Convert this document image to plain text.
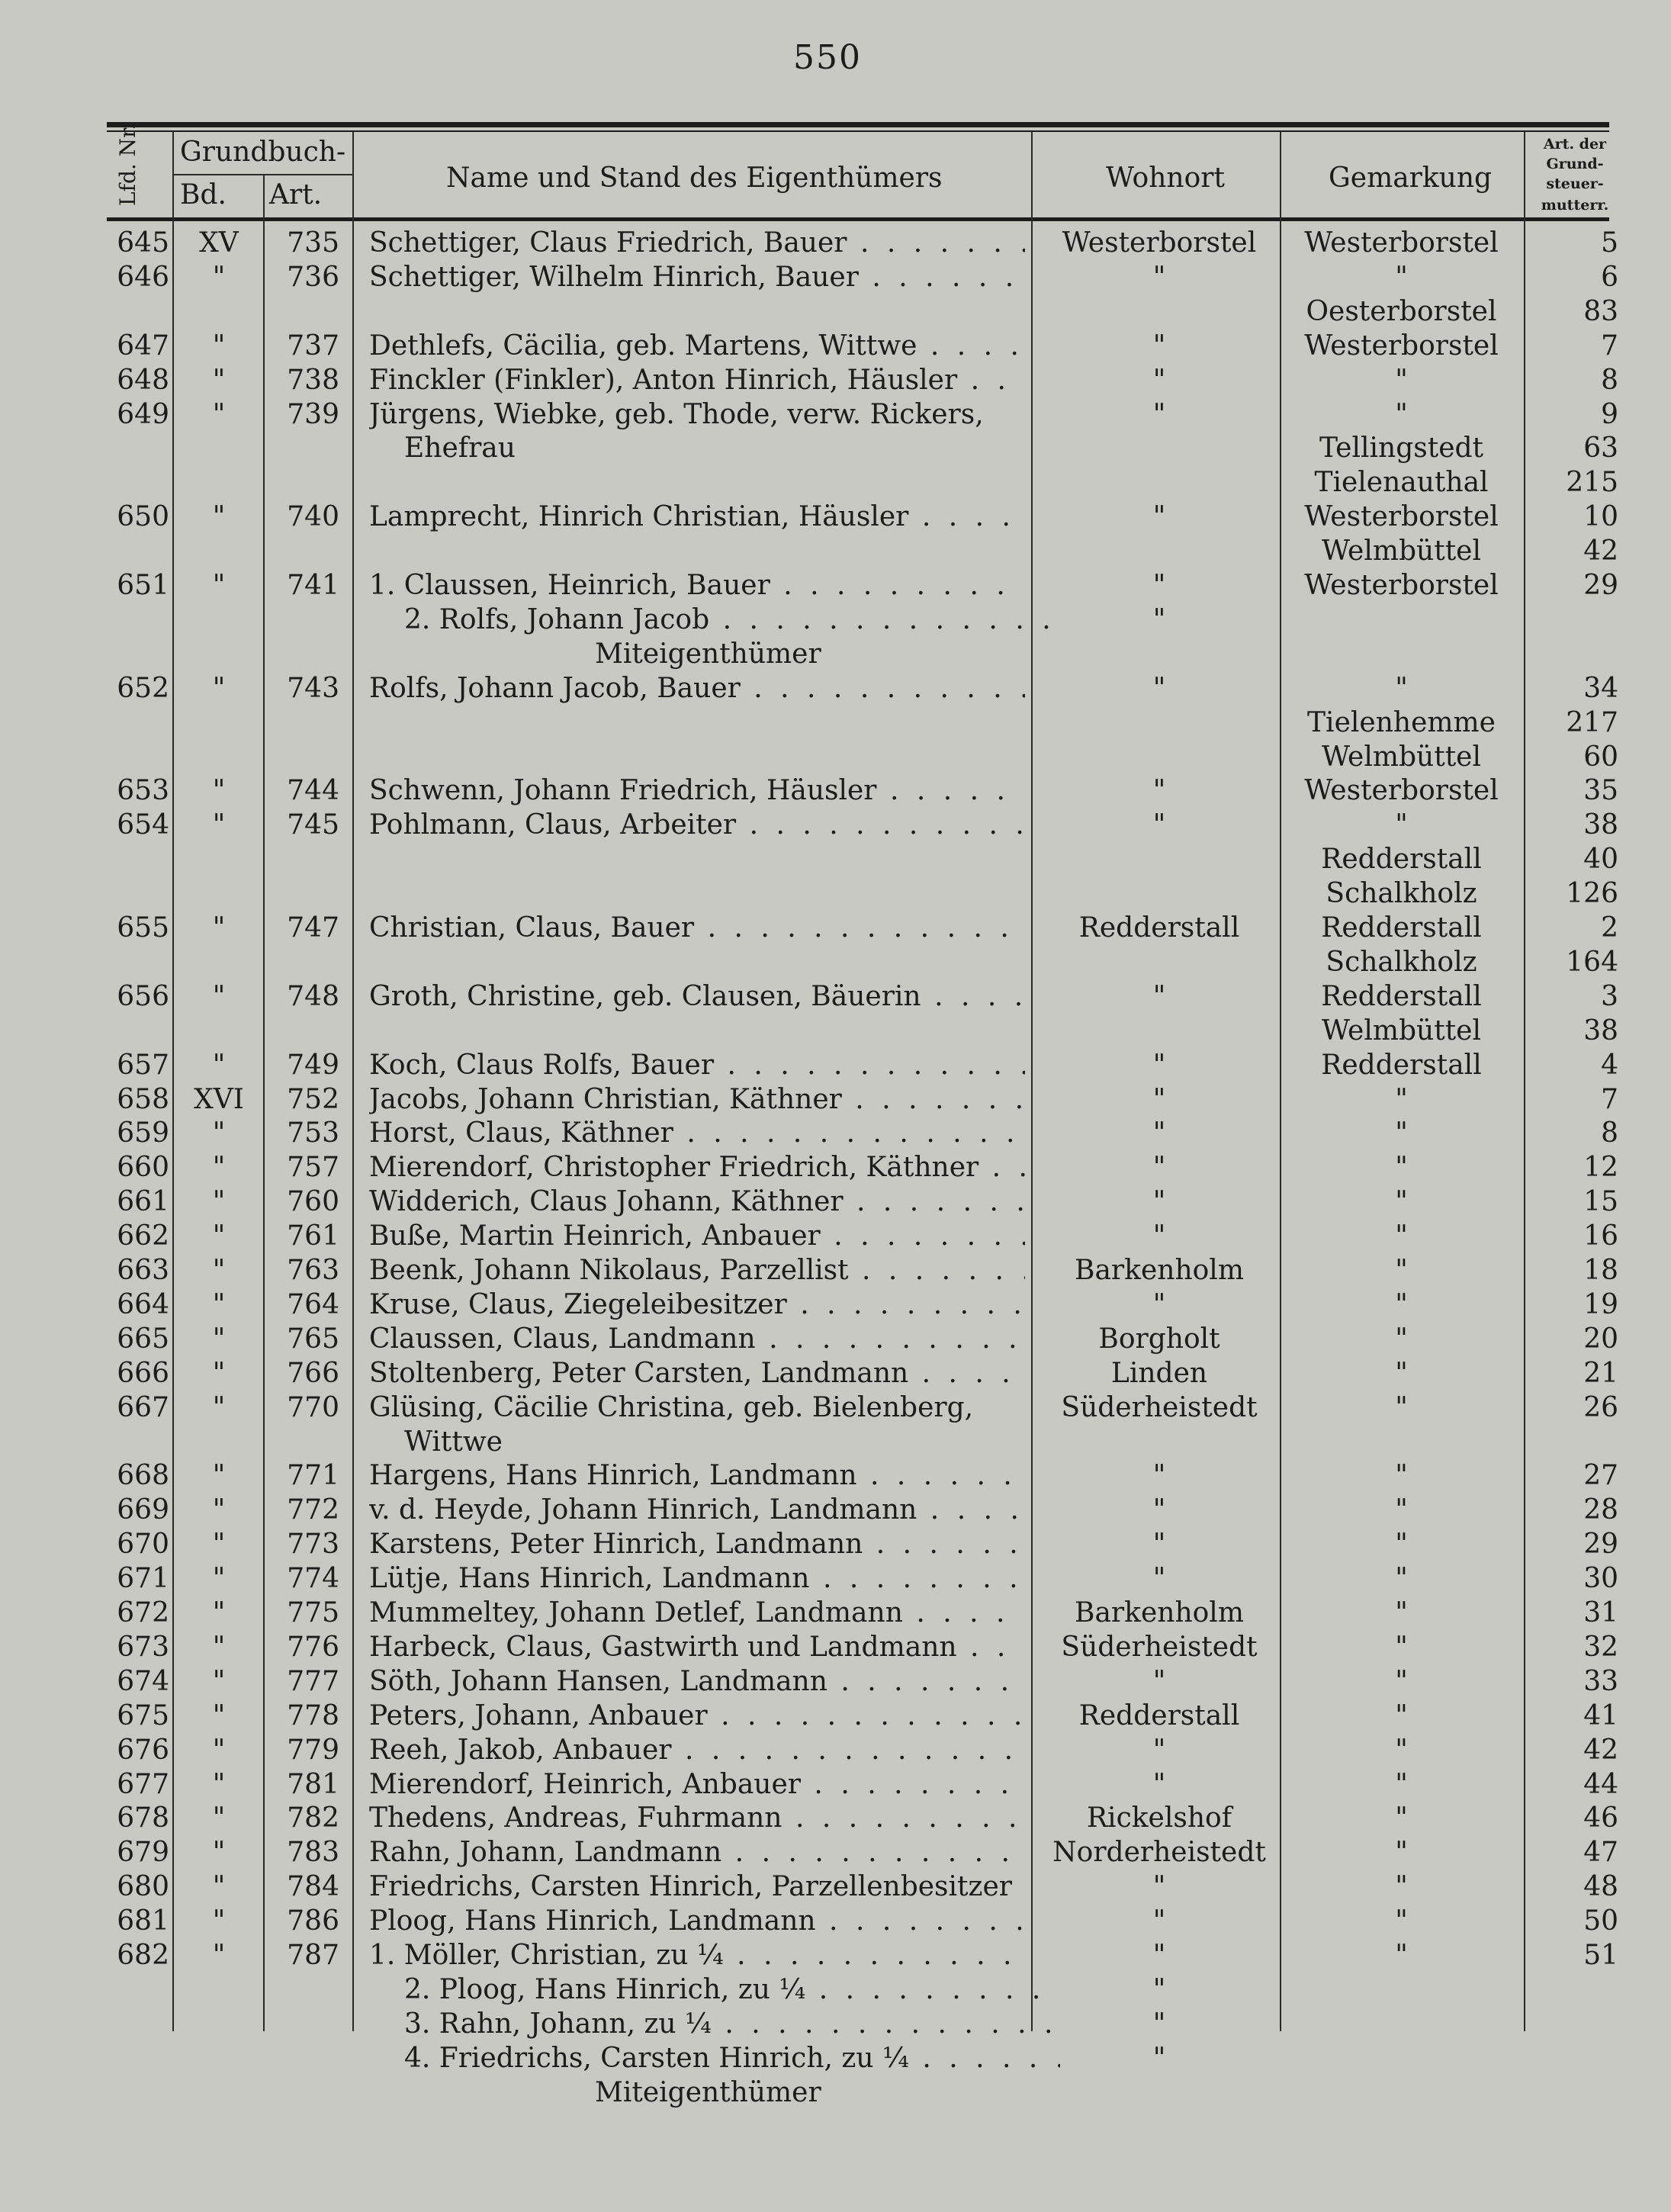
550
Lfd. Nr. Grundbuch-
Bd. Art.
Name und Stand des Eigenthümers	Wohnort	Gemarkung
Art. der
Grund-
steuer-
mutterr.
645	XV	735 Schettiger, Claus Friedrich, Bauer . . .	Westerborstel	Westerborstel	5
646	"	736 Schettiger, Wilhelm Hinrich, Bauer . . .	"	"	6
Oesterborstel	83
647	"	737 Dethlefs, Cäcilia, geb. Martens, Wittwe . . .	"	Westerborstel	7
648	"	738 Finckler (Finkler), Anton Hinrich, Häusler . . .	"	"	8
649	"	739 Jürgens, Wiebke, geb. Thode, verw. Rickers,	"	"	9
Ehefrau	Tellingstedt	63
Tielenauthal	215
650	"	740 Lamprecht, Hinrich Christian, Häusler . . .	"	Westerborstel	10
Welmbüttel	42
651	"	741 1. Claussen, Heinrich, Bauer . . .	"	Westerborstel	29
2. Rolfs, Johann Jacob . . .	"
Miteigenthümer
652	"	743 Rolfs, Johann Jacob, Bauer . . .	"	"	34
Tielenhemme	217
Welmbüttel	60
653	"	744 Schwenn, Johann Friedrich, Häusler . . .	"	Westerborstel	35
654	"	745 Pohlmann, Claus, Arbeiter . . .	"	"	38
Redderstall	40
Schalkholz	126
655	"	747 Christian, Claus, Bauer . . .	Redderstall	Redderstall	2
Schalkholz	164
656	"	748 Groth, Christine, geb. Clausen, Bäuerin . . .	"	Redderstall	3
Welmbüttel	38
657	"	749 Koch, Claus Rolfs, Bauer . . .	"	Redderstall	4
658 XVI	752 Jacobs, Johann Christian, Käthner . . .	"	"	7
659	"	753 Horst, Claus, Käthner . . .	"	"	8
660	"	757 Mierendorf, Christopher Friedrich, Käthner . . .	"	"	12
661	"	760 Widderich, Claus Johann, Käthner . . .	"	"	15
662	"	761 Buße, Martin Heinrich, Anbauer . . .	"	"	16
663	"	763 Beenk, Johann Nikolaus, Parzellist . . .	Barkenholm	"	18
664	"	764 Kruse, Claus, Ziegeleibesitzer . . .	"	"	19
665	"	765 Claussen, Claus, Landmann . . .	Borgholt	"	20
666	"	766 Stoltenberg, Peter Carsten, Landmann . . .	Linden	"	21
667	"	770 Glüsing, Cäcilie Christina, geb. Bielenberg,	Süderheistedt	"	26
Wittwe
668	"	771 Hargens, Hans Hinrich, Landmann . . .	"	"	27
669	"	772 v. d. Heyde, Johann Hinrich, Landmann . . .	"	"	28
670	"	773 Karstens, Peter Hinrich, Landmann . . .	"	"	29
671	"	774 Lütje, Hans Hinrich, Landmann . . .	"	"	30
672	"	775 Mummeltey, Johann Detlef, Landmann . . .	Barkenholm	"	31
673	"	776 Harbeck, Claus, Gastwirth und Landmann . . .	Süderheistedt	"	32
674	"	777 Söth, Johann Hansen, Landmann . . .	"	"	33
675	"	778 Peters, Johann, Anbauer . . .	Redderstall	"	41
676	"	779 Reeh, Jakob, Anbauer . . .	"	"	42
677	"	781 Mierendorf, Heinrich, Anbauer . . .	"	"	44
678	"	782 Thedens, Andreas, Fuhrmann . . .	Rickelshof	"	46
679	"	783 Rahn, Johann, Landmann . . .	Norderheistedt	"	47
680	"	784 Friedrichs, Carsten Hinrich, Parzellenbesitzer . . .	"	"	48
681	"	786 Ploog, Hans Hinrich, Landmann . . .	"	"	50
682	"	787 1. Möller, Christian, zu ¼ . . .	"	"	51
2. Ploog, Hans Hinrich, zu ¼ . . .	"
3. Rahn, Johann, zu ¼ . . .	"
4. Friedrichs, Carsten Hinrich, zu ¼ . . .	"
Miteigenthümer
